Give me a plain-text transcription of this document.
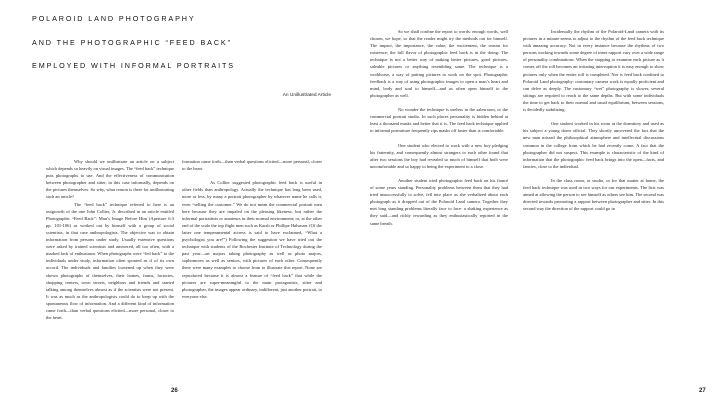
POLAROID LAND PHOTOGRAPHY
AND THE PHOTOGRAPHIC “FEED BACK”
EMPLOYED WITH INFORMAL PORTRAITS
An Unillustrated Article

Why should we unillustrate an article on a subject which depends so heavily on visual images. The “feed back” technique puts photographs to use. And the effectiveness of communication between photographer and sitter, in this case informally, depends on the pictures themselves. So why, what reason is there for unillustrating such an article?

The “feed back” technique referred to here is an outgrowth of the one John Collier, Jr. described in an article entitled Photographic “Feed Back”: Man’s Image Before Him (Aperture 6:3 pp. 101-106) as worked out by himself with a group of social scientists, in that case anthropologists. The objective was to obtain information from persons under study. Usually extensive questions were asked by trained scientists and answered, all too often, with a marked lack of enthusiasm. When photographs were “fed back” to the individuals under study, information often spouted as if of its own accord. The individuals and families loosened up when they were shown photographs of themselves, their homes, farms, factories, shopping centers, town streets, neighbors and friends and started talking among themselves almost as if the scientists were not present. It was as much as the anthropologists could do to keep up with the spontaneous flow of information. And a different kind of information came forth—than verbal questions elicited—more personal, closer to the heart.

formation came forth—than verbal questions elicited—more personal, closer to the heart.

As Collier suggested photographic feed back is useful in other fields than anthropology. Actually the technique has long been used, more or less, by many a portrait photographer by whatever name he calls it, even “selling the customer.” We do not mean the commercial portrait men here because they are impaled on the pleasing likeness; but rather the informal portraitists or amateurs in their normal environment; or, at the other end of the scale the top flight men such as Karsh or Phillipe Halsman. (Of the latter one temperamental actress is said to have exclaimed, “What a psychologist you are!”) Following the suggestion we have tried out the technique with students of the Rochester Institute of Technology during the past year—art majors taking photography as well as photo majors, sophomores as well as seniors, with pictures of each other. Consequently there were many examples to choose from to illustrate this report. None are reproduced because it is almost a feature of “feed back” that while the pictures are super-meaningful to the main protagonists, sitter and photographer, the images appear ordinary, indifferent, just another portrait, to everyone else.

26

So we shall confine the report to words: enough words, well chosen, we hope, so that the reader might try the methods out for himself. The impact, the importance, the value, the excitement, the reason for existence; the full flavor of photographic feed back is in the doing: The technique is not a better way of making better pictures, good pictures, saleable pictures or anything resembling same. The technique is a workhorse, a way of putting pictures to work on the spot. Photographic feedback is a way of using photographic images to open a man’s heart and mind, body and soul to himself—and as often open himself to the photographer as well.

No wonder the technique is useless in the salesroom, or the commercial portrait studio. In such places personality is hidden behind at least a thousand masks and better that it is. The feed back technique applied to informal portraiture frequently rips masks off faster than is comfortable.

One student who elected to work with a new boy pledging his fraternity, and consequently almost strangers to each other found that after two sessions the boy had revealed so much of himself that both were uncomfortable and so happy to being the experiment to a close.

Another student tried photographic feed back on his fiancé of some years standing. Personality problems between them that they had tried unsuccessfully to solve, fell into place as she verbalized about each photograph as it dropped out of the Polaroid Land camera. Together they met long standing problems literally face to face: a shaking experience as they said—and richly rewarding as they enthusiastically reported in the same breath.

Incidentally the rhythm of the Polaroid-Land camera with its pictures in a minute seems to adjust to the rhythm of the feed back technique with amazing accuracy. Not in every instance because the rhythms of two persons working towards some degree of inner rapport vary over a wide range of personality combinations. When the stopping to examine each picture as it comes off the roll becomes an irritating interruption it is easy enough to show pictures only when the entire roll is completed. Nor is feed back confined to Polaroid Land photography: customary camera work is equally proficient and can delve as deeply. The customary “wet” photography is slower, several sittings are required to reach to the same depths. But with some individuals the time to get back to their normal and usual equilibrium, between sessions, is decidedly stabilizing.

One student worked in his room at the dormitory and used as his subject a young dorm official. They shortly uncovered the fact that the new man missed the philosophical atmosphere and intellectual discussions common in the college from which he had recently come. A fact that the photographer did not suspect. This example is characteristic of the kind of information that the photographic feed back brings into the open—facts, and fancies, close to the individual.

In the class room, or studio, or for that matter at home, the feed back technique was used in two ways for our experiments. The first was aimed at allowing the person to see himself as others see him. The second was directed towards promoting a rapport between photographer and sitter. In this second way the direction of the rapport could go in

27
